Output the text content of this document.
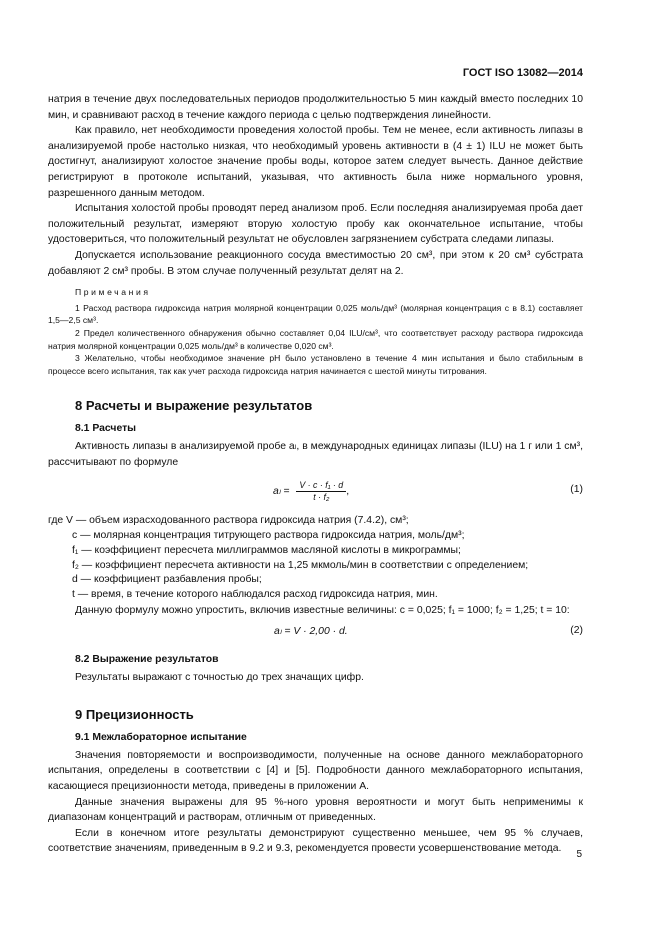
ГОСТ ISO 13082—2014

натрия в течение двух последовательных периодов продолжительностью 5 мин каждый вместо последних 10 мин, и сравнивают расход в течение каждого периода с целью подтверждения линейности.

Как правило, нет необходимости проведения холостой пробы. Тем не менее, если активность липазы в анализируемой пробе настолько низкая, что необходимый уровень активности в (4 ± 1) ILU не может быть достигнут, анализируют холостое значение пробы воды, которое затем следует вычесть. Данное действие регистрируют в протоколе испытаний, указывая, что активность была ниже нормального уровня, разрешенного данным методом.

Испытания холостой пробы проводят перед анализом проб. Если последняя анализируемая проба дает положительный результат, измеряют вторую холостую пробу как окончательное испытание, чтобы удостовериться, что положительный результат не обусловлен загрязнением субстрата следами липазы.

Допускается использование реакционного сосуда вместимостью 20 см³, при этом к 20 см³ субстрата добавляют 2 см³ пробы. В этом случае полученный результат делят на 2.

Примечания

1 Расход раствора гидроксида натрия молярной концентрации 0,025 моль/дм³ (молярная концентрация с в 8.1) составляет 1,5—2,5 см³.

2 Предел количественного обнаружения обычно составляет 0,04 ILU/см³, что соответствует расходу раствора гидроксида натрия молярной концентрации 0,025 моль/дм³ в количестве 0,020 см³.

3 Желательно, чтобы необходимое значение pH было установлено в течение 4 мин испытания и было стабильным в процессе всего испытания, так как учет расхода гидроксида натрия начинается с шестой минуты титрования.

8 Расчеты и выражение результатов
8.1 Расчеты

Активность липазы в анализируемой пробе aₗ, в международных единицах липазы (ILU) на 1 г или 1 см³, рассчитывают по формуле

$a_l = \frac{\text{V · c · f₁ · d}}{\text{t · f₂}}$ ,	(1)

где V — объем израсходованного раствора гидроксида натрия (7.4.2), см³;

c — молярная концентрация титрующего раствора гидроксида натрия, моль/дм³;

f₁ — коэффициент пересчета миллиграммов масляной кислоты в микрограммы;

f₂ — коэффициент пересчета активности на 1,25 мкмоль/мин в соответствии с определением;

d — коэффициент разбавления пробы;

t — время, в течение которого наблюдался расход гидроксида натрия, мин.

Данную формулу можно упростить, включив известные величины: c = 0,025; f₁ = 1000; f₂ = 1,25; t = 10:

aₗ = V · 2,00 · d.	(2)
8.2 Выражение результатов

Результаты выражают с точностью до трех значащих цифр.

9 Прецизионность
9.1 Межлабораторное испытание

Значения повторяемости и воспроизводимости, полученные на основе данного межлабораторного испытания, определены в соответствии с [4] и [5]. Подробности данного межлабораторного испытания, касающиеся прецизионности метода, приведены в приложении А.

Данные значения выражены для 95 %-ного уровня вероятности и могут быть неприменимы к диапазонам концентраций и растворам, отличным от приведенных.

Если в конечном итоге результаты демонстрируют существенно меньшее, чем 95 % случаев, соответствие значениям, приведенным в 9.2 и 9.3, рекомендуется провести усовершенствование метода.

5
